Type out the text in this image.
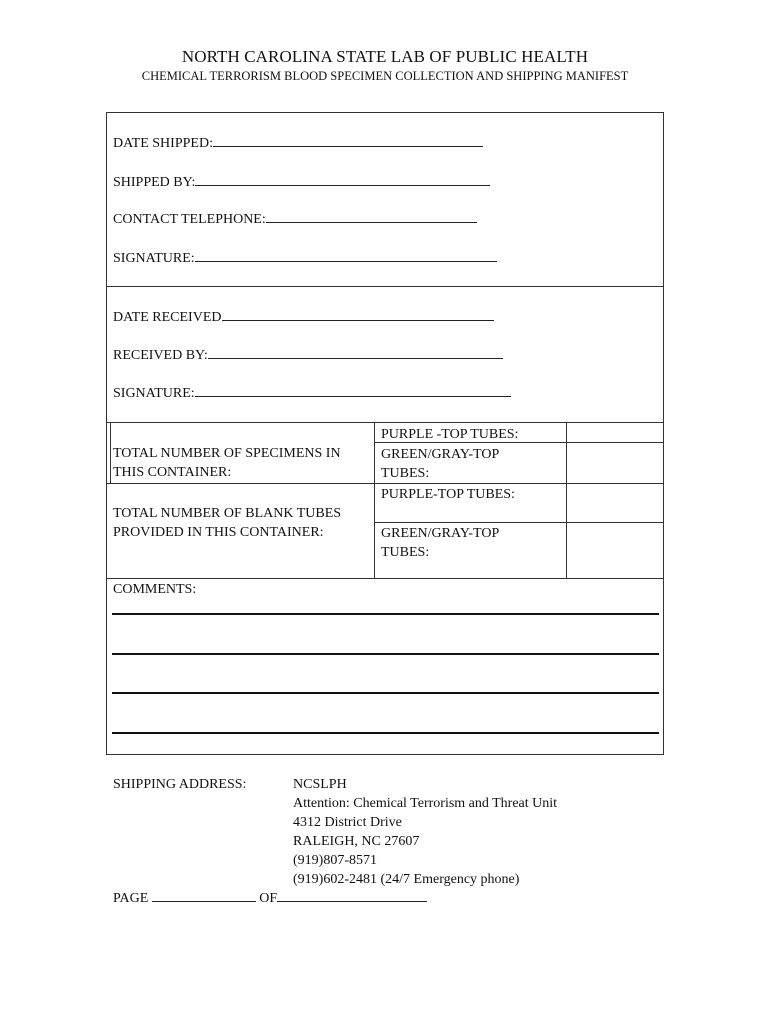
NORTH CAROLINA STATE LAB OF PUBLIC HEALTH
CHEMICAL TERRORISM BLOOD SPECIMEN COLLECTION AND SHIPPING MANIFEST
DATE SHIPPED:
SHIPPED BY:
CONTACT TELEPHONE:
SIGNATURE:
DATE RECEIVED
RECEIVED BY:
SIGNATURE:
TOTAL NUMBER OF SPECIMENS IN THIS CONTAINER:
PURPLE -TOP TUBES:
GREEN/GRAY-TOP TUBES:
TOTAL NUMBER OF BLANK TUBES PROVIDED IN THIS CONTAINER:
PURPLE-TOP TUBES:
GREEN/GRAY-TOP TUBES:
COMMENTS:
SHIPPING ADDRESS:	NCSLPH
Attention: Chemical Terrorism and Threat Unit
4312 District Drive
RALEIGH, NC 27607
(919)807-8571
(919)602-2481 (24/7 Emergency phone)
PAGE	OF
